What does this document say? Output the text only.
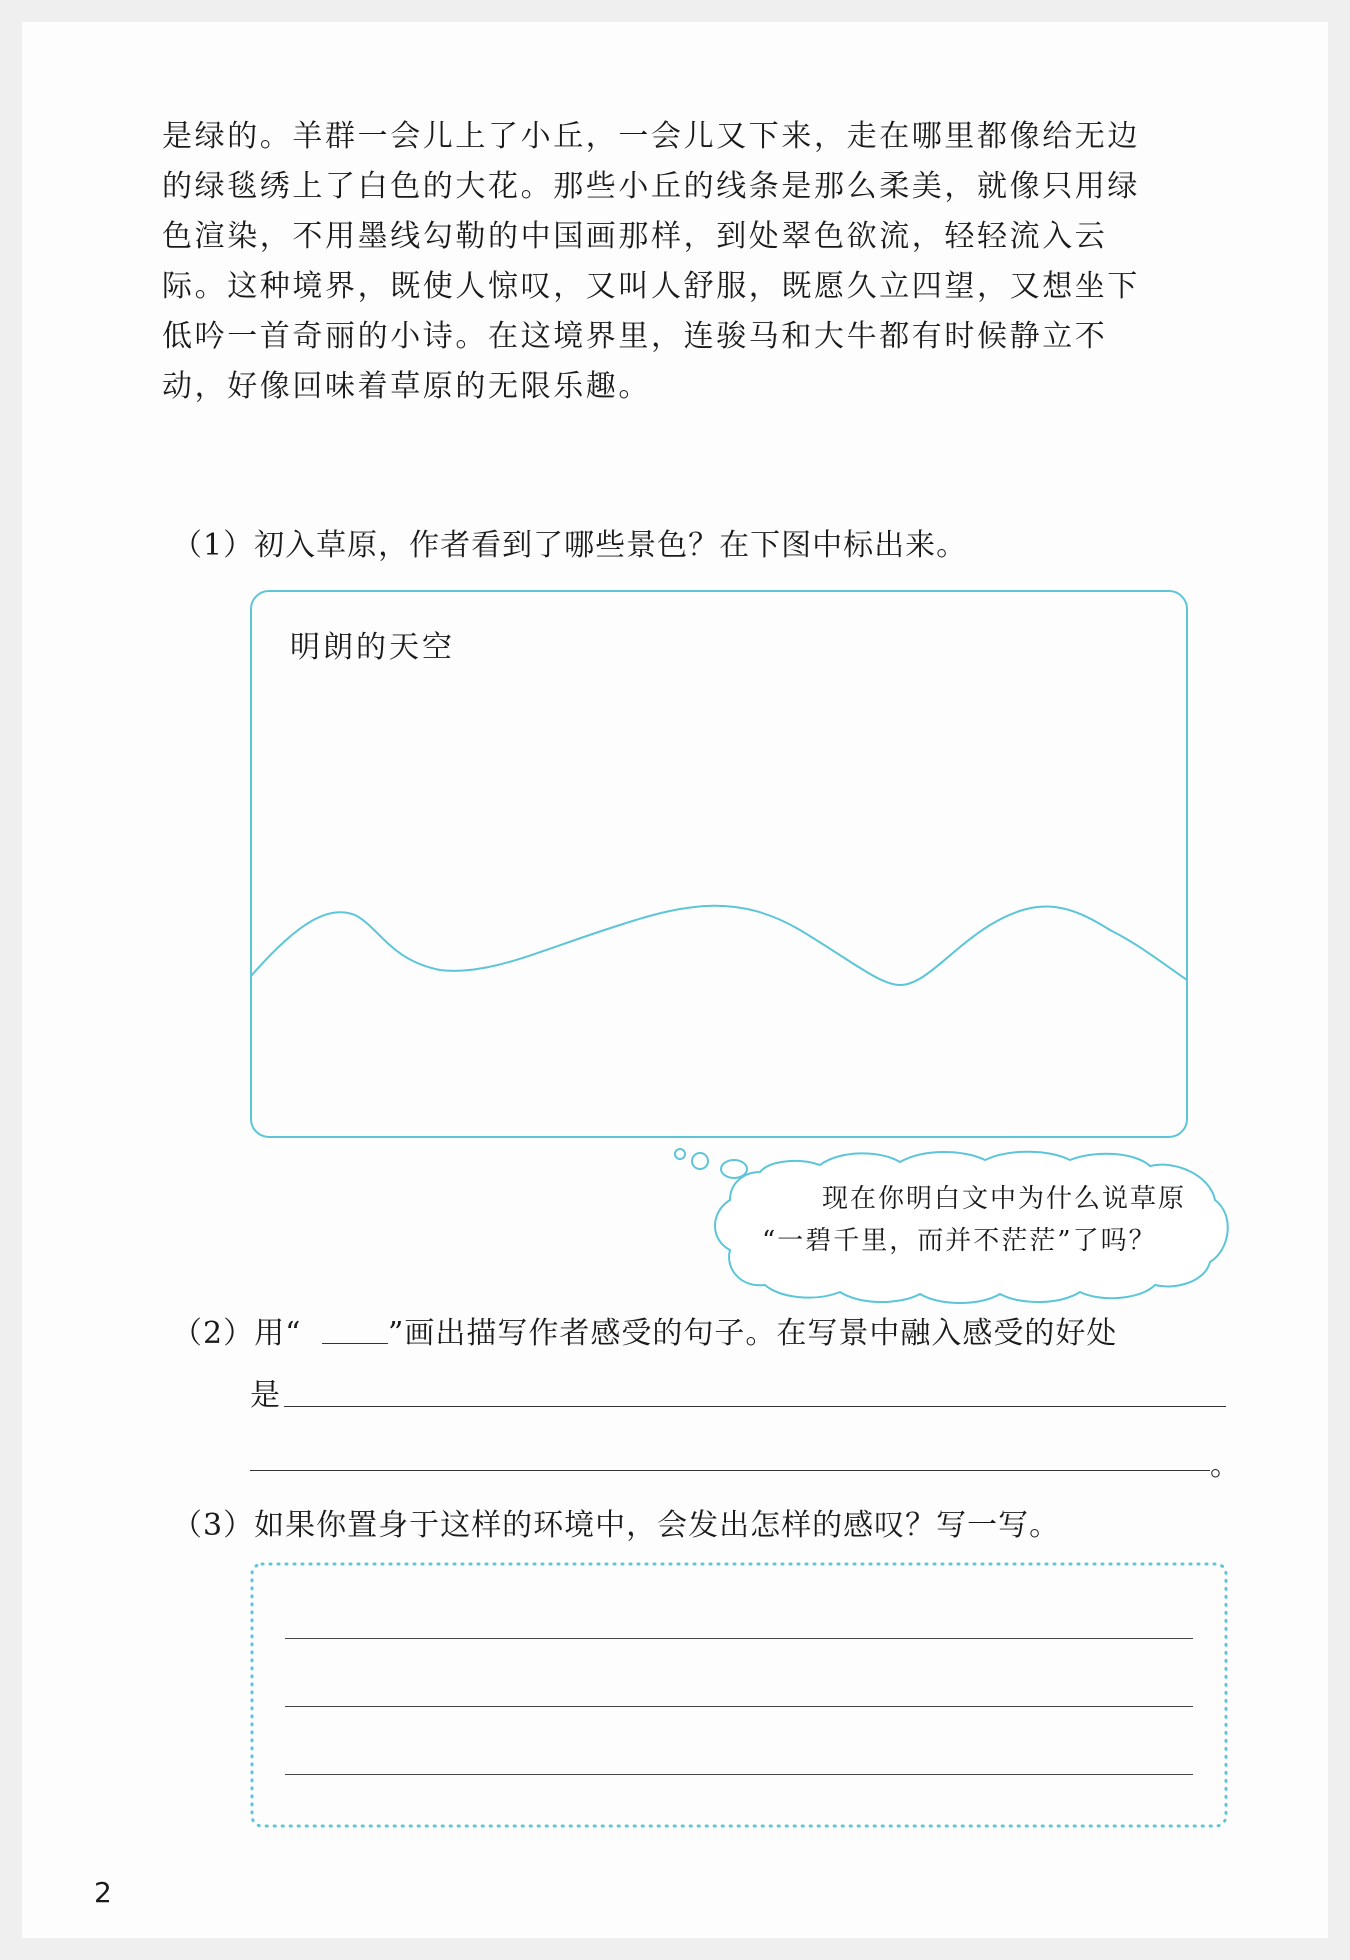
是绿的。羊群一会儿上了小丘，一会儿又下来，走在哪里都像给无边
的绿毯绣上了白色的大花。那些小丘的线条是那么柔美，就像只用绿
色渲染，不用墨线勾勒的中国画那样，到处翠色欲流，轻轻流入云
际。这种境界，既使人惊叹，又叫人舒服，既愿久立四望，又想坐下
低吟一首奇丽的小诗。在这境界里，连骏马和大牛都有时候静立不
动，好像回味着草原的无限乐趣。
（1）初入草原，作者看到了哪些景色？在下图中标出来。
明朗的天空
现在你明白文中为什么说草原
“一碧千里，而并不茫茫”了吗？
（2）用“	”画出描写作者感受的句子。在写景中融入感受的好处
是
。
（3）如果你置身于这样的环境中，会发出怎样的感叹？写一写。
2
